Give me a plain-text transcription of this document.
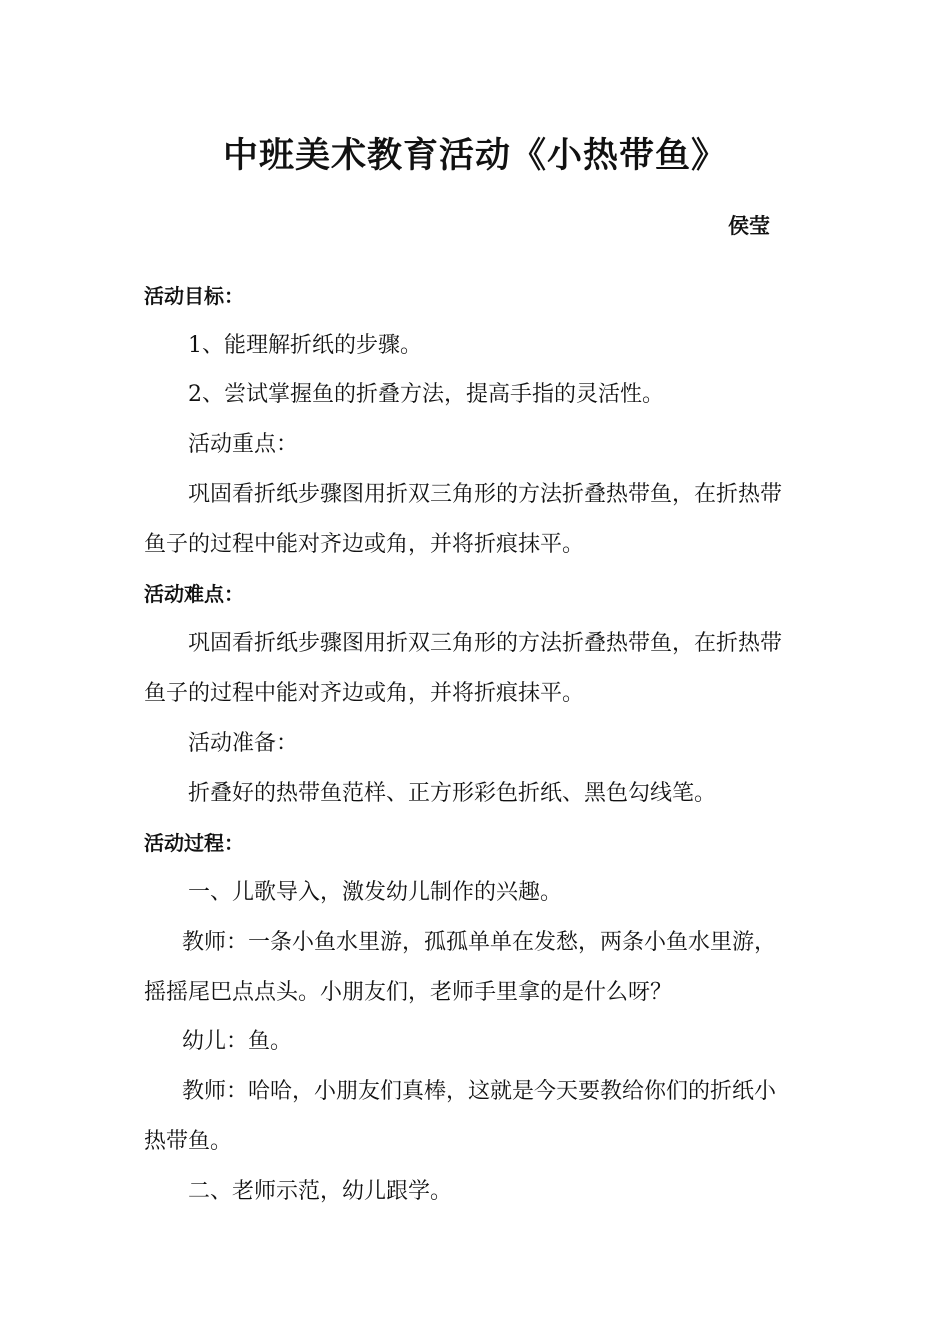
中班美术教育活动《小热带鱼》
侯莹
活动目标：
1、能理解折纸的步骤。
2、尝试掌握鱼的折叠方法，提高手指的灵活性。
活动重点：
巩固看折纸步骤图用折双三角形的方法折叠热带鱼，在折热带
鱼子的过程中能对齐边或角，并将折痕抹平。
活动难点：
巩固看折纸步骤图用折双三角形的方法折叠热带鱼，在折热带
鱼子的过程中能对齐边或角，并将折痕抹平。
活动准备：
折叠好的热带鱼范样、正方形彩色折纸、黑色勾线笔。
活动过程：
一、儿歌导入，激发幼儿制作的兴趣。
教师：一条小鱼水里游，孤孤单单在发愁，两条小鱼水里游，
摇摇尾巴点点头。小朋友们，老师手里拿的是什么呀？
幼儿：鱼。
教师：哈哈，小朋友们真棒，这就是今天要教给你们的折纸小
热带鱼。
二、老师示范，幼儿跟学。
